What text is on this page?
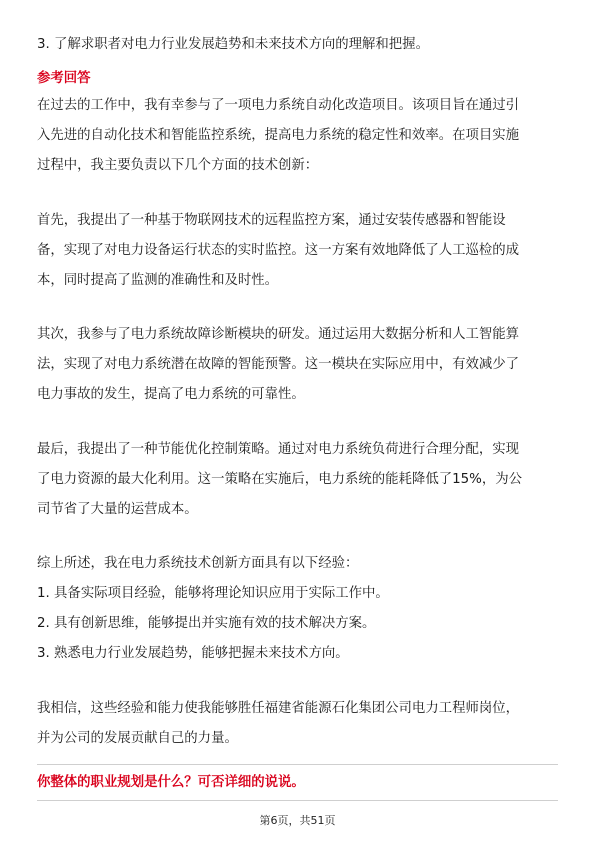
3. 了解求职者对电力行业发展趋势和未来技术方向的理解和把握。
参考回答
在过去的工作中，我有幸参与了一项电力系统自动化改造项目。该项目旨在通过引
入先进的自动化技术和智能监控系统，提高电力系统的稳定性和效率。在项目实施
过程中，我主要负责以下几个方面的技术创新：
首先，我提出了一种基于物联网技术的远程监控方案，通过安装传感器和智能设
备，实现了对电力设备运行状态的实时监控。这一方案有效地降低了人工巡检的成
本，同时提高了监测的准确性和及时性。
其次，我参与了电力系统故障诊断模块的研发。通过运用大数据分析和人工智能算
法，实现了对电力系统潜在故障的智能预警。这一模块在实际应用中，有效减少了
电力事故的发生，提高了电力系统的可靠性。
最后，我提出了一种节能优化控制策略。通过对电力系统负荷进行合理分配，实现
了电力资源的最大化利用。这一策略在实施后，电力系统的能耗降低了15%，为公
司节省了大量的运营成本。
综上所述，我在电力系统技术创新方面具有以下经验：
1. 具备实际项目经验，能够将理论知识应用于实际工作中。
2. 具有创新思维，能够提出并实施有效的技术解决方案。
3. 熟悉电力行业发展趋势，能够把握未来技术方向。
我相信，这些经验和能力使我能够胜任福建省能源石化集团公司电力工程师岗位，
并为公司的发展贡献自己的力量。
你整体的职业规划是什么？可否详细的说说。
第6页，共51页
